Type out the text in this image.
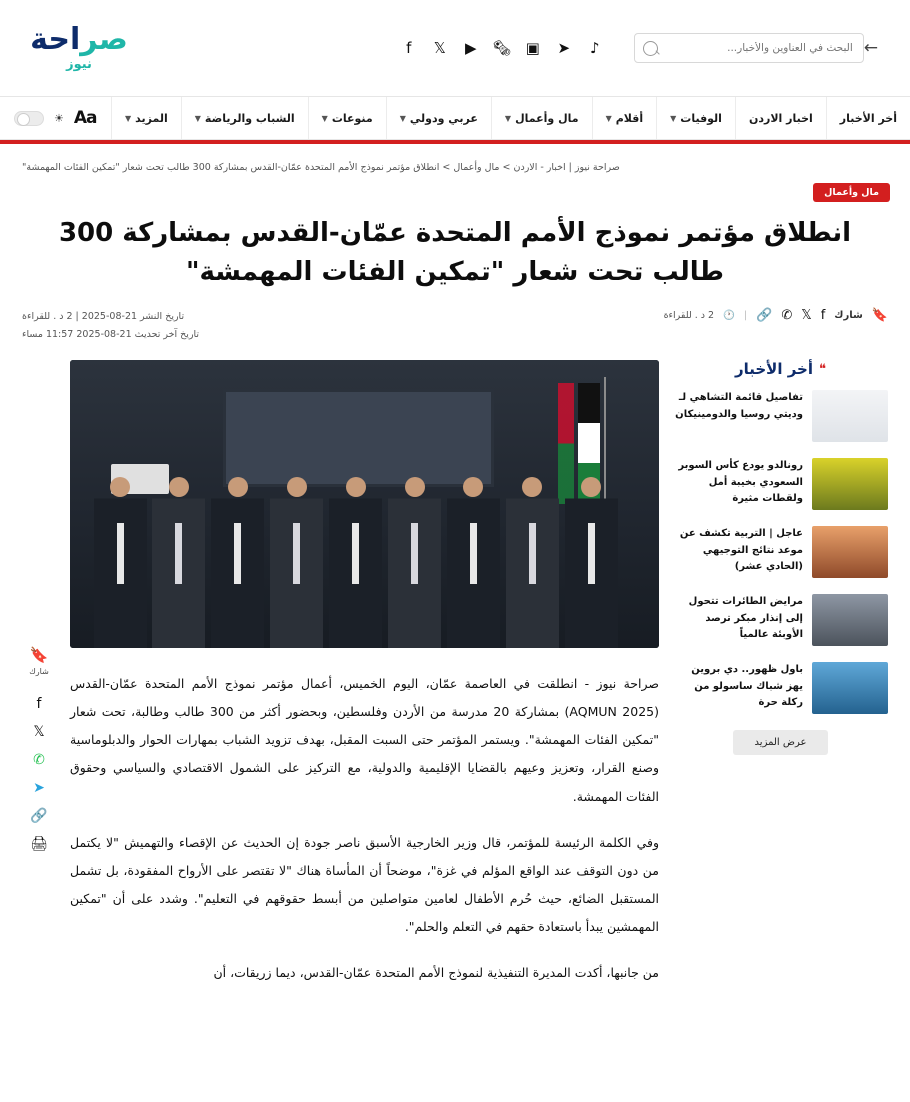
←
البحث في العناوين والأخبار...
♪
➤
▣
🗞
▶
𝕏
f
صراحة
نيوز
أخر الأخبار
اخبار الاردن
الوفيات
▼
أقلام
▼
مال وأعمال
▼
عربي ودولي
▼
منوعات
▼
الشباب والرياضة
▼
المزيد
▼
Aa
☀
صراحة نيوز | اخبار - الاردن > مال وأعمال > انطلاق مؤتمر نموذج الأمم المتحدة عمّان-القدس بمشاركة 300 طالب تحت شعار "تمكين الفئات المهمشة"
مال وأعمال
انطلاق مؤتمر نموذج الأمم المتحدة عمّان-القدس بمشاركة 300 طالب تحت شعار "تمكين الفئات المهمشة"
🔖
شارك
f
𝕏
✆
🔗
|
🕐
2 د . للقراءة
تاريخ النشر 21-08-2025 | 2 د . للقراءة
تاريخ آخر تحديث 21-08-2025 11:57 مساء
❝
أخر الأخبار
تفاصيل قائمة التشاهي لـ وديتي روسيا والدومينيكان
رونالدو يودع كأس السوبر السعودي بخيبة أمل ولقطات مثيرة
عاجل | التربية تكشف عن موعد نتائج التوجيهي (الحادي عشر)
مرايض الطائرات تتحول إلى إنذار مبكر ترصد الأوبئة عالمياً
باول ظهور.. دي بروين يهز شباك ساسولو من ركلة حرة
عرض المزيد

صراحة نيوز - انطلقت في العاصمة عمّان، اليوم الخميس، أعمال مؤتمر نموذج الأمم المتحدة عمّان-القدس (AQMUN 2025) بمشاركة 20 مدرسة من الأردن وفلسطين، وبحضور أكثر من 300 طالب وطالبة، تحت شعار "تمكين الفئات المهمشة". ويستمر المؤتمر حتى السبت المقبل، بهدف تزويد الشباب بمهارات الحوار والدبلوماسية وصنع القرار، وتعزيز وعيهم بالقضايا الإقليمية والدولية، مع التركيز على الشمول الاقتصادي والسياسي وحقوق الفئات المهمشة.

وفي الكلمة الرئيسة للمؤتمر، قال وزير الخارجية الأسبق ناصر جودة إن الحديث عن الإقصاء والتهميش "لا يكتمل من دون التوقف عند الواقع المؤلم في غزة"، موضحاً أن المأساة هناك "لا تقتصر على الأرواح المفقودة، بل تشمل المستقبل الضائع، حيث حُرم الأطفال لعامين متواصلين من أبسط حقوقهم في التعليم". وشدد على أن "تمكين المهمشين يبدأ باستعادة حقهم في التعلم والحلم".

من جانبها، أكدت المديرة التنفيذية لنموذج الأمم المتحدة عمّان-القدس، ديما زريقات، أن

🔖
شارك
f
𝕏
✆
➤
🔗
🖨
